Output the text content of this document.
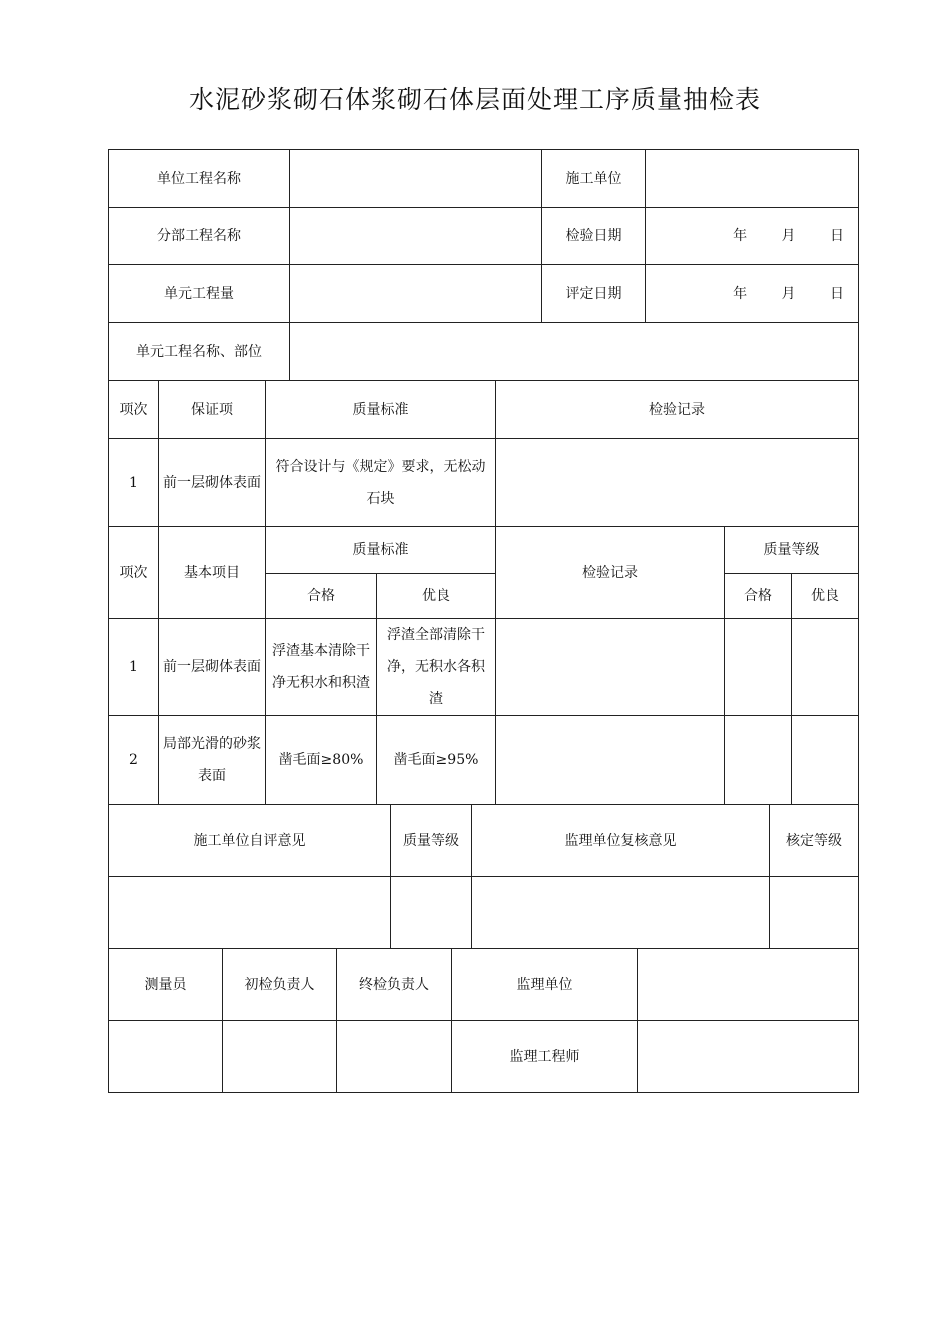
水泥砂浆砌石体浆砌石体层面处理工序质量抽检表
单位工程名称		施工单位	
分部工程名称		检验日期	年 月 日
单元工程量		评定日期	年 月 日
单元工程名称、部位			
项次	保证项	质量标准	检验记录
1	前一层砌体表面	符合设计与《规定》要求，无松动石块	
项次	基本项目	质量标准		检验记录	质量等级	
		合格	优良		合格	优良
1	前一层砌体表面	浮渣基本清除干净无积水和积渣	浮渣全部清除干净，无积水各积渣			
2	局部光滑的砂浆表面	凿毛面≥80%	凿毛面≥95%			
施工单位自评意见	质量等级	监理单位复核意见	核定等级

测量员	初检负责人	终检负责人	监理单位	
			监理工程师	
